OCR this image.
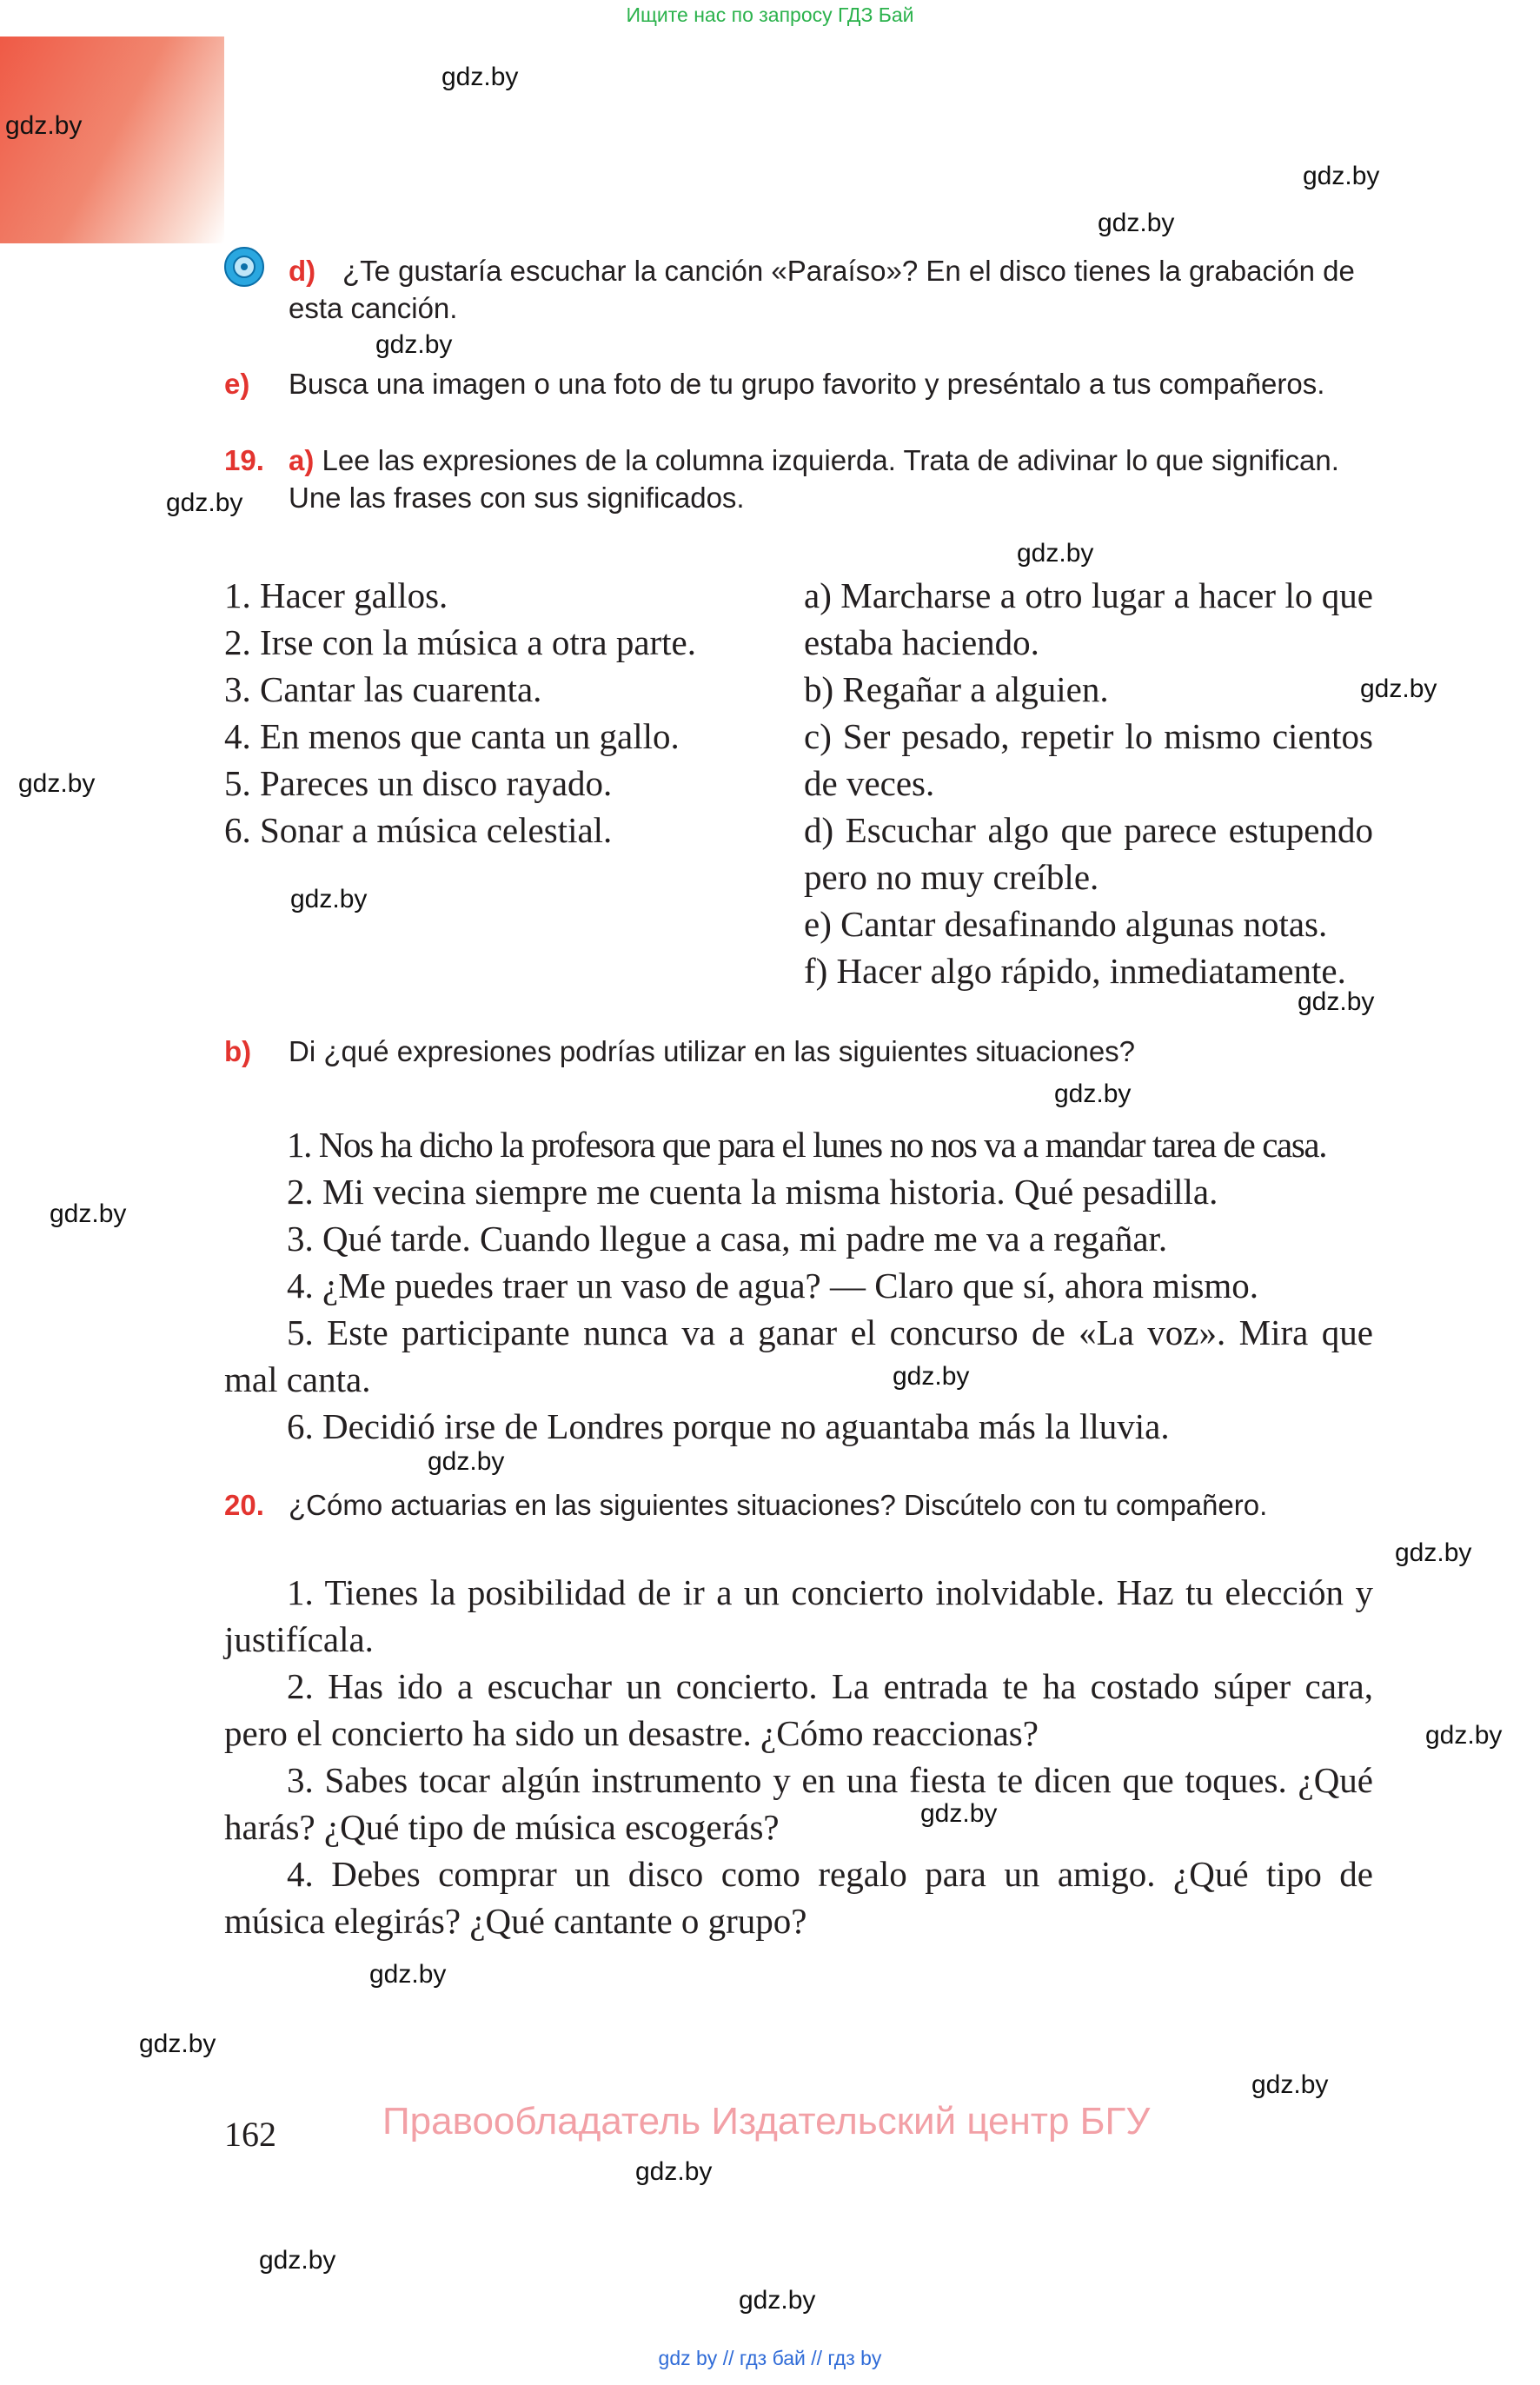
Ищите нас по запросу ГДЗ Бай
gdz.by
gdz.by
gdz.by
gdz.by
gdz.by
gdz.by
gdz.by
gdz.by
gdz.by
gdz.by
gdz.by
gdz.by
gdz.by
gdz.by
gdz.by
gdz.by
gdz.by
gdz.by
gdz.by
gdz.by
gdz.by
gdz.by
gdz.by
gdz.by
d) ¿Te gustaría escuchar la canción «Paraíso»? En el disco tienes la grabación de esta canción.
e) Busca una imagen o una foto de tu grupo favorito y preséntalo a tus compañeros.
19. a) Lee las expresiones de la columna izquierda. Trata de adivinar lo que significan. Une las frases con sus significados.
1. Hacer gallos.
2. Irse con la música a otra parte.
3. Cantar las cuarenta.
4. En menos que canta un gallo.
5. Pareces un disco rayado.
6. Sonar a música celestial.
a) Marcharse a otro lugar a hacer lo que estaba haciendo.
b) Regañar a alguien.
c) Ser pesado, repetir lo mismo cientos de veces.
d) Escuchar algo que parece estupendo pero no muy creíble.
e) Cantar desafinando algunas notas.
f) Hacer algo rápido, inmediatamente.
b) Di ¿qué expresiones podrías utilizar en las siguientes situaciones?
1. Nos ha dicho la profesora que para el lunes no nos va a mandar tarea de casa.
2. Mi vecina siempre me cuenta la misma historia. Qué pesadilla.
3. Qué tarde. Cuando llegue a casa, mi padre me va a regañar.
4. ¿Me puedes traer un vaso de agua? — Claro que sí, ahora mismo.
5. Este participante nunca va a ganar el concurso de «La voz». Mira que mal canta.
6. Decidió irse de Londres porque no aguantaba más la lluvia.
20. ¿Cómo actuarias en las siguientes situaciones? Discútelo con tu compañero.
1. Tienes la posibilidad de ir a un concierto inolvidable. Haz tu elección y justifícala.
2. Has ido a escuchar un concierto. La entrada te ha costado súper cara, pero el concierto ha sido un desastre. ¿Cómo reaccionas?
3. Sabes tocar algún instrumento y en una fiesta te dicen que toques. ¿Qué harás? ¿Qué tipo de música escogerás?
4. Debes comprar un disco como regalo para un amigo. ¿Qué tipo de música elegirás? ¿Qué cantante o grupo?
162	Правообладатель Издательский центр БГУ
gdz by // гдз бай // гдз by
